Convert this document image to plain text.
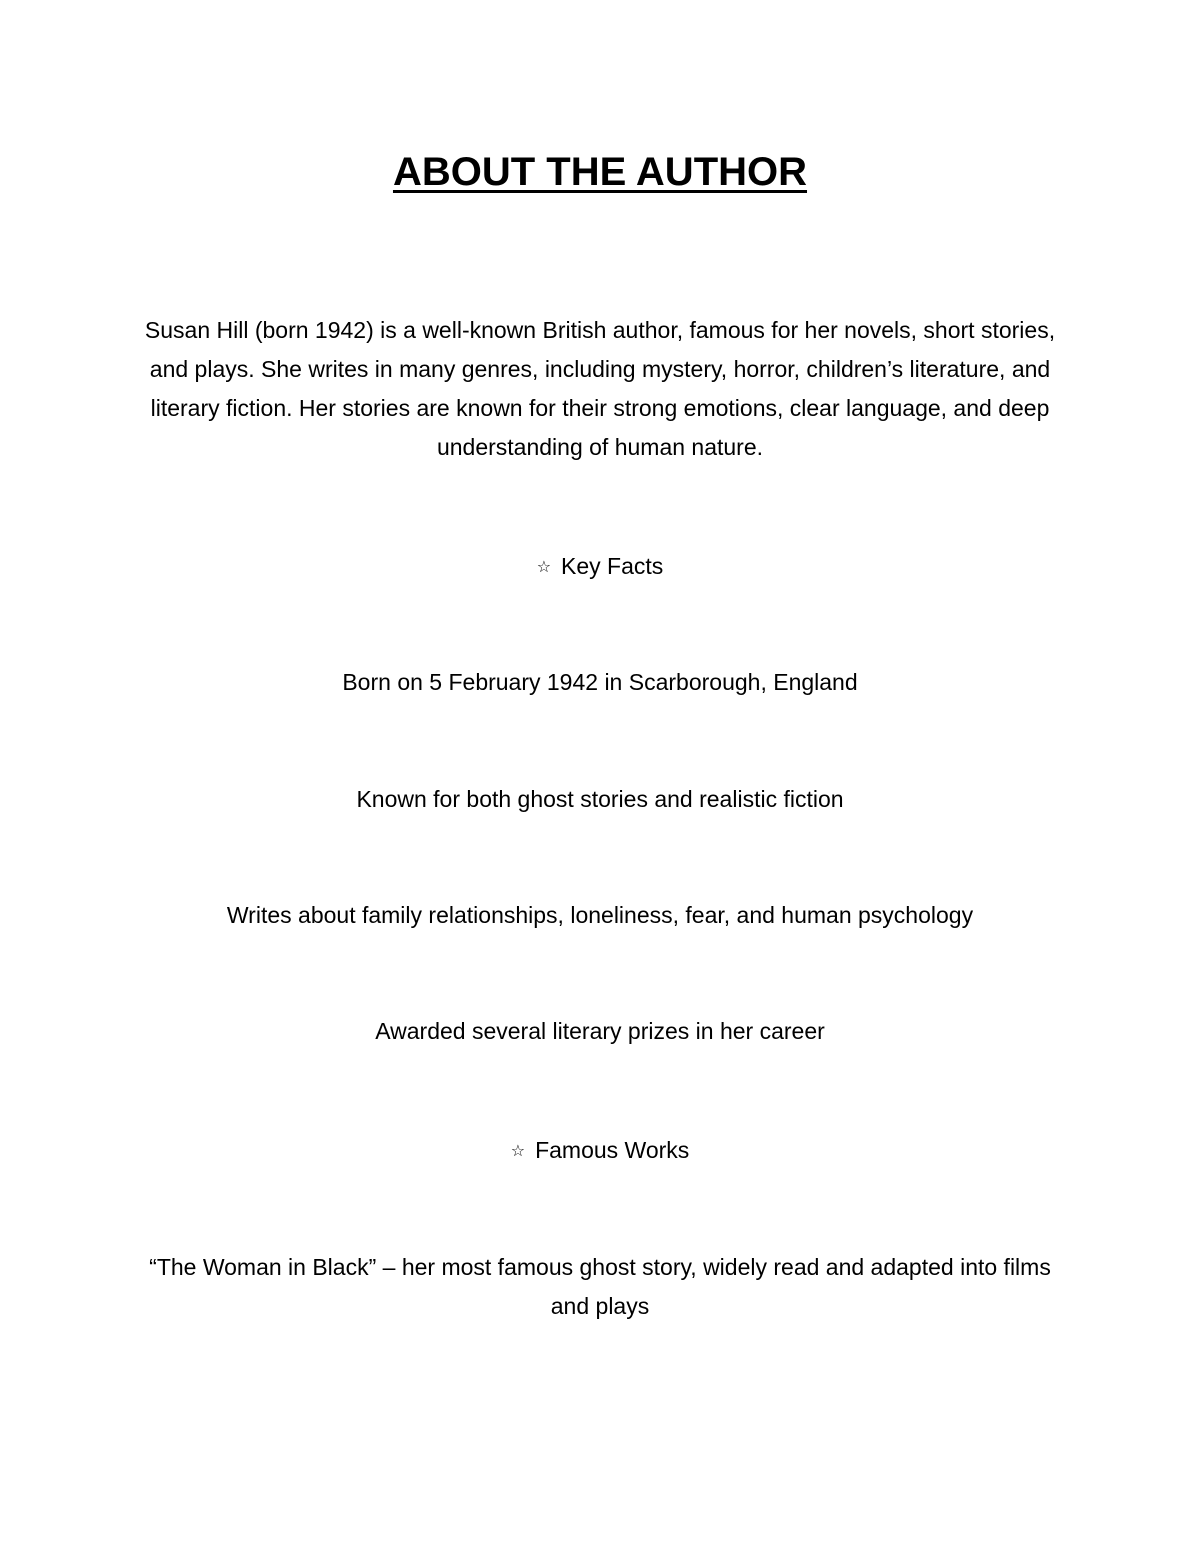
ABOUT THE AUTHOR
Susan Hill (born 1942) is a well-known British author, famous for her novels, short stories, and plays. She writes in many genres, including mystery, horror, children’s literature, and literary fiction. Her stories are known for their strong emotions, clear language, and deep understanding of human nature.
☆ Key Facts
Born on 5 February 1942 in Scarborough, England
Known for both ghost stories and realistic fiction
Writes about family relationships, loneliness, fear, and human psychology
Awarded several literary prizes in her career
☆ Famous Works
“The Woman in Black” – her most famous ghost story, widely read and adapted into films and plays
